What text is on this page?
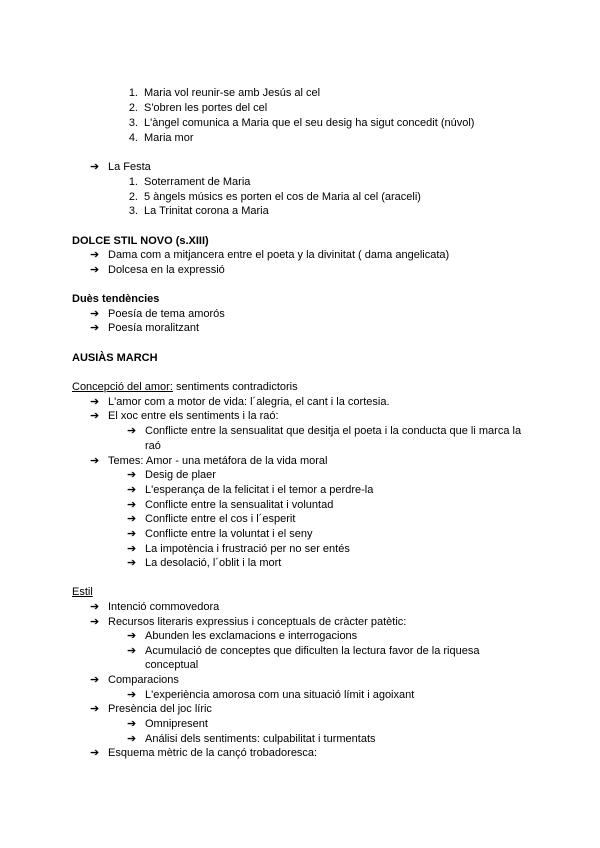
1. Maria vol reunir-se amb Jesús al cel
2. S'obren les portes del cel
3. L'àngel comunica a Maria que el seu desig ha sigut concedit (núvol)
4. Maria mor
➔ La Festa
1. Soterrament de Maria
2. 5 àngels músics es porten el cos de Maria al cel (araceli)
3. La Trinitat corona a Maria
DOLCE STIL NOVO (s.XIII)
➔ Dama com a mitjancera entre el poeta y la divinitat ( dama angelicata)
➔ Dolcesa en la expressió
Duès tendències
➔ Poesía de tema amorós
➔ Poesía moralitzant
AUSIÀS MARCH
Concepció del amor: sentiments contradictoris
➔ L'amor com a motor de vida: l´alegria, el cant i la cortesia.
➔ El xoc entre els sentiments i la raó:
➔ Conflicte entre la sensualitat que desitja el poeta i la conducta que li marca la
raó
➔ Temes: Amor - una metáfora de la vida moral
➔ Desig de plaer
➔ L'esperança de la felicitat i el temor a perdre-la
➔ Conflicte entre la sensualitat i voluntad
➔ Conflicte entre el cos i l´esperit
➔ Conflicte entre la voluntat i el seny
➔ La impotència i frustració per no ser entés
➔ La desolació, l´oblit i la mort
Estil
➔ Intenció commovedora
➔ Recursos literaris expressius i conceptuals de cràcter patètic:
➔ Abunden les exclamacions e interrogacions
➔ Acumulació de conceptes que dificulten la lectura favor de la riquesa
conceptual
➔ Comparacions
➔ L'experiència amorosa com una situació límit i agoixant
➔ Presència del joc líric
➔ Omnipresent
➔ Análisi dels sentiments: culpabilitat i turmentats
➔ Esquema mètric de la cançó trobadoresca:
